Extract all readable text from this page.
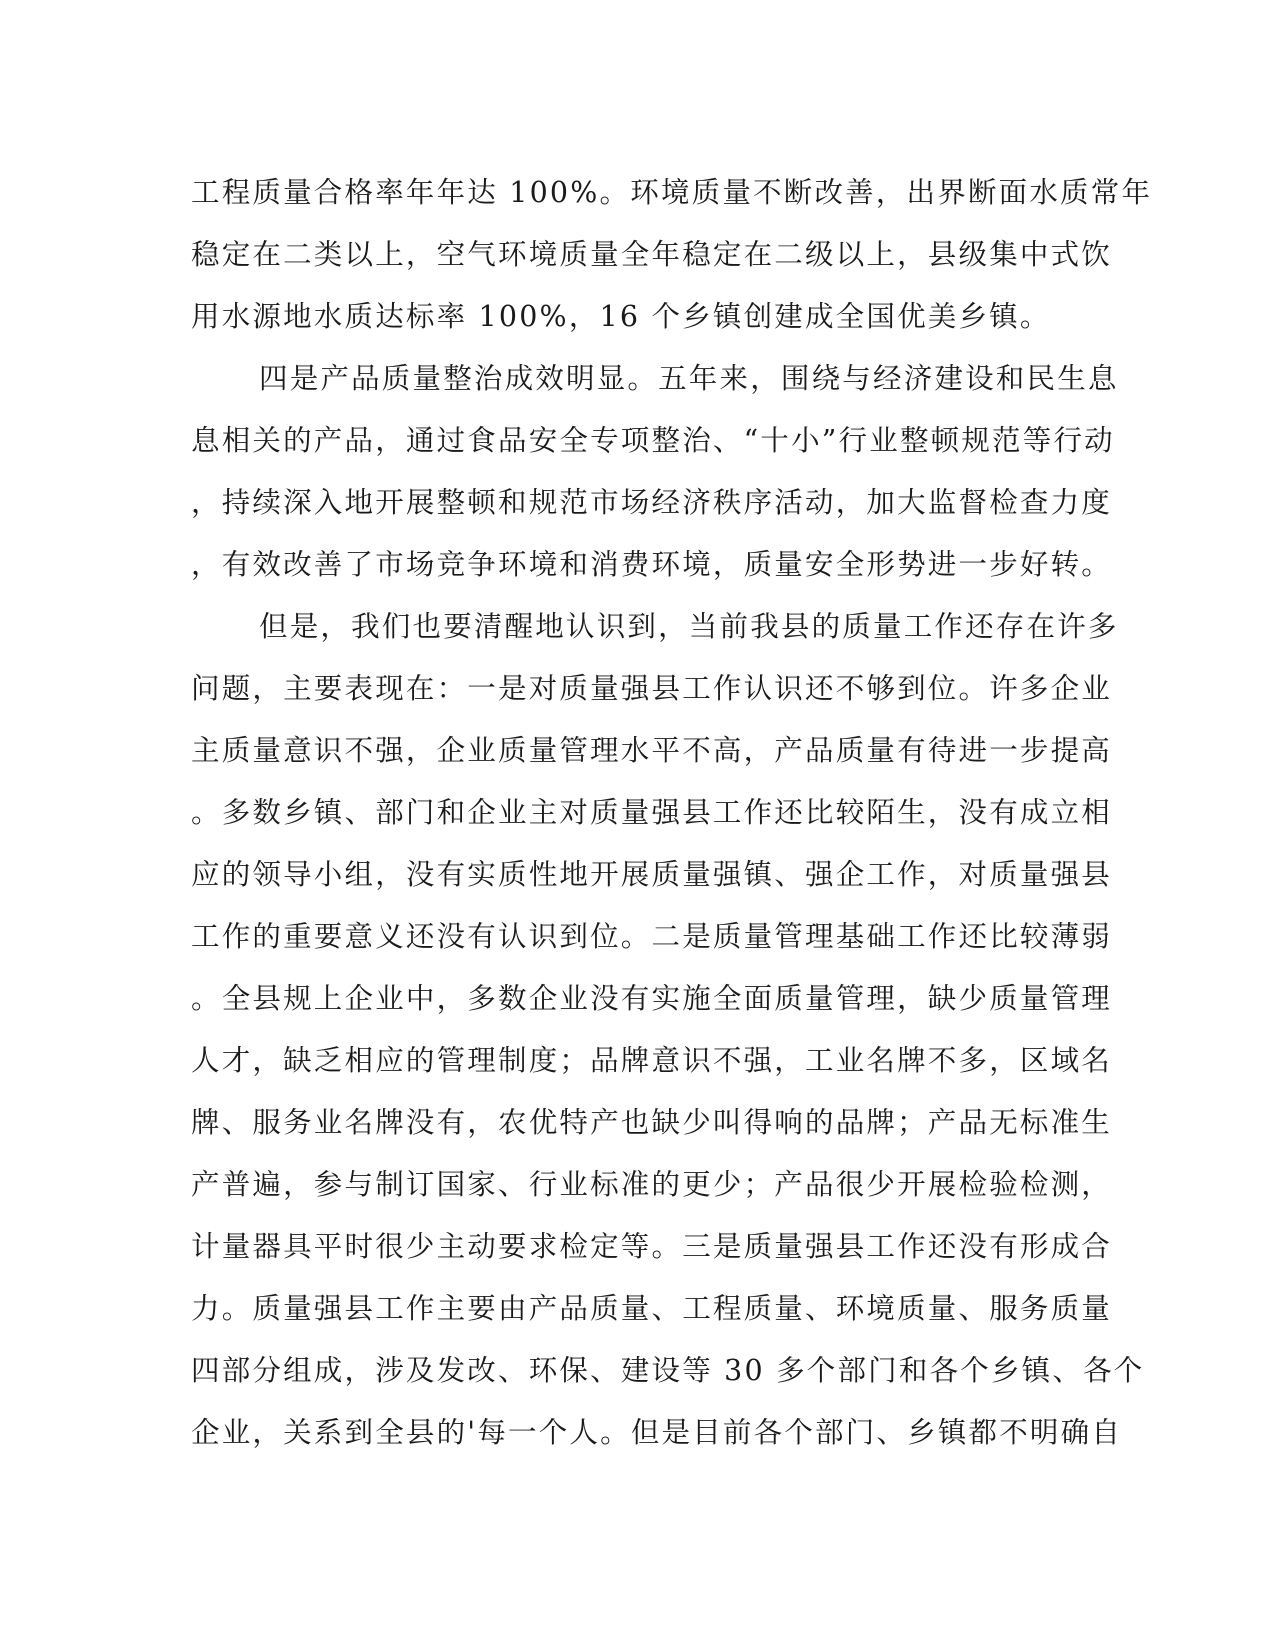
工程质量合格率年年达 100%。环境质量不断改善，出界断面水质常年
稳定在二类以上，空气环境质量全年稳定在二级以上，县级集中式饮
用水源地水质达标率 100%，16 个乡镇创建成全国优美乡镇。
四是产品质量整治成效明显。五年来，围绕与经济建设和民生息
息相关的产品，通过食品安全专项整治、“十小”行业整顿规范等行动
，持续深入地开展整顿和规范市场经济秩序活动，加大监督检查力度
，有效改善了市场竞争环境和消费环境，质量安全形势进一步好转。
但是，我们也要清醒地认识到，当前我县的质量工作还存在许多
问题，主要表现在：一是对质量强县工作认识还不够到位。许多企业
主质量意识不强，企业质量管理水平不高，产品质量有待进一步提高
。多数乡镇、部门和企业主对质量强县工作还比较陌生，没有成立相
应的领导小组，没有实质性地开展质量强镇、强企工作，对质量强县
工作的重要意义还没有认识到位。二是质量管理基础工作还比较薄弱
。全县规上企业中，多数企业没有实施全面质量管理，缺少质量管理
人才，缺乏相应的管理制度；品牌意识不强，工业名牌不多，区域名
牌、服务业名牌没有，农优特产也缺少叫得响的品牌；产品无标准生
产普遍，参与制订国家、行业标准的更少；产品很少开展检验检测，
计量器具平时很少主动要求检定等。三是质量强县工作还没有形成合
力。质量强县工作主要由产品质量、工程质量、环境质量、服务质量
四部分组成，涉及发改、环保、建设等 30 多个部门和各个乡镇、各个
企业，关系到全县的'每一个人。但是目前各个部门、乡镇都不明确自
